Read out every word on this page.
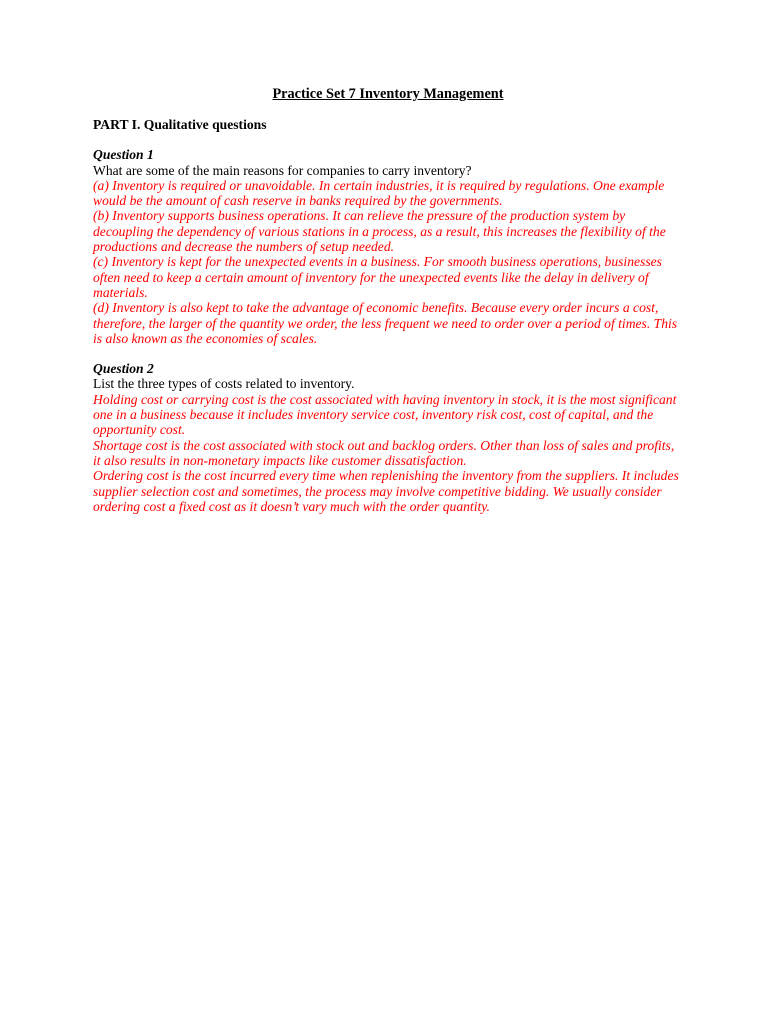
Practice Set 7 Inventory Management
PART I. Qualitative questions
Question 1
What are some of the main reasons for companies to carry inventory?
(a) Inventory is required or unavoidable. In certain industries, it is required by regulations. One example would be the amount of cash reserve in banks required by the governments.
(b) Inventory supports business operations. It can relieve the pressure of the production system by decoupling the dependency of various stations in a process, as a result, this increases the flexibility of the productions and decrease the numbers of setup needed.
(c) Inventory is kept for the unexpected events in a business. For smooth business operations, businesses often need to keep a certain amount of inventory for the unexpected events like the delay in delivery of materials.
(d) Inventory is also kept to take the advantage of economic benefits. Because every order incurs a cost, therefore, the larger of the quantity we order, the less frequent we need to order over a period of times. This is also known as the economies of scales.
Question 2
List the three types of costs related to inventory.
Holding cost or carrying cost is the cost associated with having inventory in stock, it is the most significant one in a business because it includes inventory service cost, inventory risk cost, cost of capital, and the opportunity cost.
Shortage cost is the cost associated with stock out and backlog orders. Other than loss of sales and profits, it also results in non-monetary impacts like customer dissatisfaction.
Ordering cost is the cost incurred every time when replenishing the inventory from the suppliers. It includes supplier selection cost and sometimes, the process may involve competitive bidding. We usually consider ordering cost a fixed cost as it doesn’t vary much with the order quantity.
